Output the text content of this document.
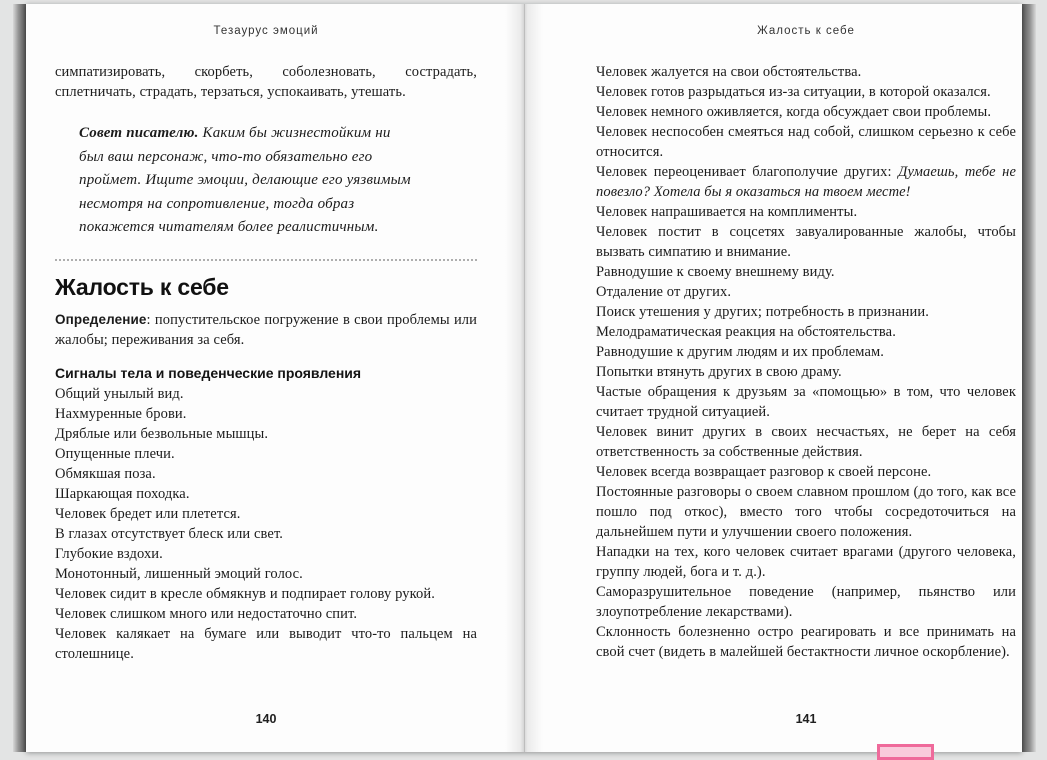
Тезаурус эмоций

симпатизировать, скорбеть, соболезновать, сострадать, сплетничать, страдать, терзаться, успокаивать, утешать.

Совет писателю. Каким бы жизнестойким ни был ваш персонаж, что-то обязательно его проймет. Ищите эмоции, делающие его уязвимым несмотря на сопротивление, тогда образ покажется читателям более реалистичным.
Жалость к себе

Определение: попустительское погружение в свои проблемы или жалобы; переживания за себя.

Сигналы тела и поведенческие проявления

Общий унылый вид.

Нахмуренные брови.

Дряблые или безвольные мышцы.

Опущенные плечи.

Обмякшая поза.

Шаркающая походка.

Человек бредет или плетется.

В глазах отсутствует блеск или свет.

Глубокие вздохи.

Монотонный, лишенный эмоций голос.

Человек сидит в кресле обмякнув и подпирает голову рукой.

Человек слишком много или недостаточно спит.

Человек калякает на бумаге или выводит что-то пальцем на столешнице.

140
Жалость к себе

Человек жалуется на свои обстоятельства.

Человек готов разрыдаться из-за ситуации, в которой оказался.

Человек немного оживляется, когда обсуждает свои проблемы.

Человек неспособен смеяться над собой, слишком серьезно к себе относится.

Человек переоценивает благополучие других: Думаешь, тебе не повезло? Хотела бы я оказаться на твоем месте!

Человек напрашивается на комплименты.

Человек постит в соцсетях завуалированные жалобы, чтобы вызвать симпатию и внимание.

Равнодушие к своему внешнему виду.

Отдаление от других.

Поиск утешения у других; потребность в признании.

Мелодраматическая реакция на обстоятельства.

Равнодушие к другим людям и их проблемам.

Попытки втянуть других в свою драму.

Частые обращения к друзьям за «помощью» в том, что человек считает трудной ситуацией.

Человек винит других в своих несчастьях, не берет на себя ответственность за собственные действия.

Человек всегда возвращает разговор к своей персоне.

Постоянные разговоры о своем славном прошлом (до того, как все пошло под откос), вместо того чтобы сосредоточиться на дальнейшем пути и улучшении своего положения.

Нападки на тех, кого человек считает врагами (другого человека, группу людей, бога и т. д.).

Саморазрушительное поведение (например, пьянство или злоупотребление лекарствами).

Склонность болезненно остро реагировать и все принимать на свой счет (видеть в малейшей бестактности личное оскорбление).

141
